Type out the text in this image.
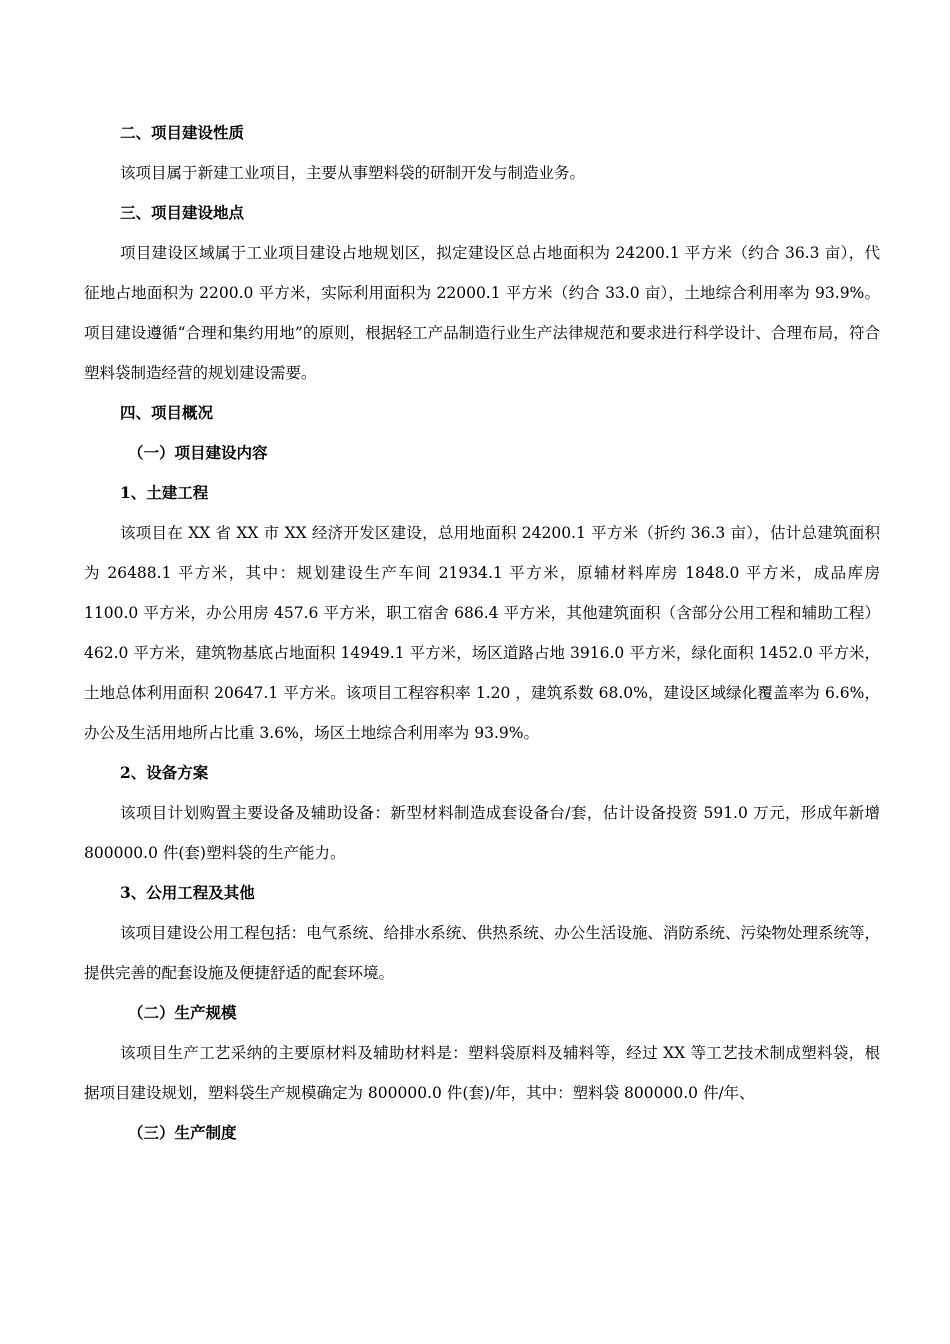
二、项目建设性质

该项目属于新建工业项目，主要从事塑料袋的研制开发与制造业务。

三、项目建设地点

项目建设区域属于工业项目建设占地规划区，拟定建设区总占地面积为 24200.1 平方米（约合 36.3 亩），代征地占地面积为 2200.0 平方米，实际利用面积为 22000.1 平方米（约合 33.0 亩），土地综合利用率为 93.9%。项目建设遵循“合理和集约用地”的原则，根据轻工产品制造行业生产法律规范和要求进行科学设计、合理布局，符合塑料袋制造经营的规划建设需要。

四、项目概况
（一）项目建设内容
1、土建工程

该项目在 XX 省 XX 市 XX 经济开发区建设，总用地面积 24200.1 平方米（折约 36.3 亩），估计总建筑面积为 26488.1 平方米，其中：规划建设生产车间 21934.1 平方米，原辅材料库房 1848.0 平方米，成品库房 1100.0 平方米，办公用房 457.6 平方米，职工宿舍 686.4 平方米，其他建筑面积（含部分公用工程和辅助工程）462.0 平方米，建筑物基底占地面积 14949.1 平方米，场区道路占地 3916.0 平方米，绿化面积 1452.0 平方米，土地总体利用面积 20647.1 平方米。该项目工程容积率 1.20 ，建筑系数 68.0%，建设区域绿化覆盖率为 6.6%，办公及生活用地所占比重 3.6%，场区土地综合利用率为 93.9%。

2、设备方案

该项目计划购置主要设备及辅助设备：新型材料制造成套设备台/套，估计设备投资 591.0 万元，形成年新增 800000.0 件(套)塑料袋的生产能力。

3、公用工程及其他

该项目建设公用工程包括：电气系统、给排水系统、供热系统、办公生活设施、消防系统、污染物处理系统等，提供完善的配套设施及便捷舒适的配套环境。

（二）生产规模

该项目生产工艺采纳的主要原材料及辅助材料是：塑料袋原料及辅料等，经过 XX 等工艺技术制成塑料袋，根据项目建设规划，塑料袋生产规模确定为 800000.0 件(套)/年，其中：塑料袋 800000.0 件/年、

（三）生产制度
